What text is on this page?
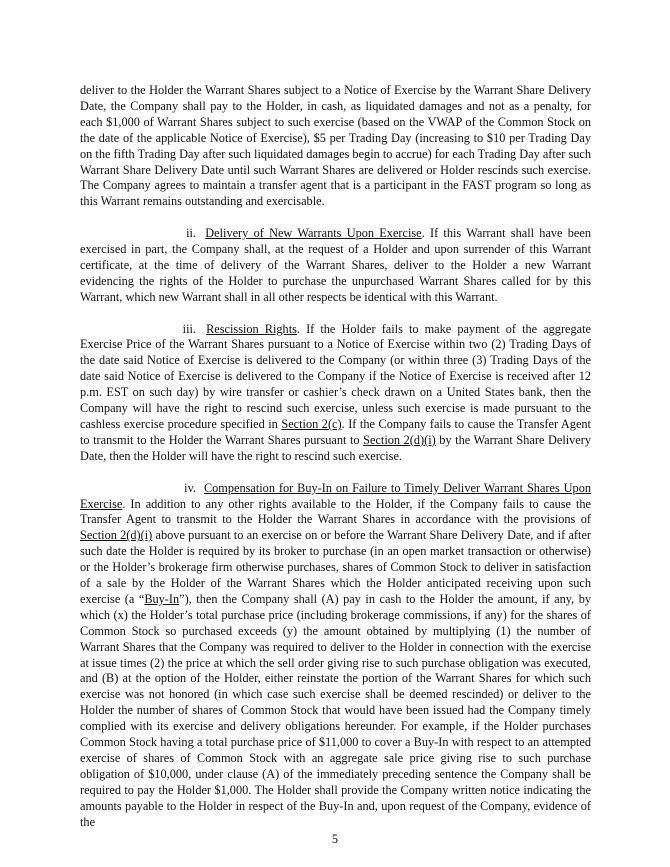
deliver to the Holder the Warrant Shares subject to a Notice of Exercise by the Warrant Share Delivery Date, the Company shall pay to the Holder, in cash, as liquidated damages and not as a penalty, for each $1,000 of Warrant Shares subject to such exercise (based on the VWAP of the Common Stock on the date of the applicable Notice of Exercise), $5 per Trading Day (increasing to $10 per Trading Day on the fifth Trading Day after such liquidated damages begin to accrue) for each Trading Day after such Warrant Share Delivery Date until such Warrant Shares are delivered or Holder rescinds such exercise. The Company agrees to maintain a transfer agent that is a participant in the FAST program so long as this Warrant remains outstanding and exercisable.

ii. Delivery of New Warrants Upon Exercise. If this Warrant shall have been exercised in part, the Company shall, at the request of a Holder and upon surrender of this Warrant certificate, at the time of delivery of the Warrant Shares, deliver to the Holder a new Warrant evidencing the rights of the Holder to purchase the unpurchased Warrant Shares called for by this Warrant, which new Warrant shall in all other respects be identical with this Warrant.

iii. Rescission Rights. If the Holder fails to make payment of the aggregate Exercise Price of the Warrant Shares pursuant to a Notice of Exercise within two (2) Trading Days of the date said Notice of Exercise is delivered to the Company (or within three (3) Trading Days of the date said Notice of Exercise is delivered to the Company if the Notice of Exercise is received after 12 p.m. EST on such day) by wire transfer or cashier’s check drawn on a United States bank, then the Company will have the right to rescind such exercise, unless such exercise is made pursuant to the cashless exercise procedure specified in Section 2(c). If the Company fails to cause the Transfer Agent to transmit to the Holder the Warrant Shares pursuant to Section 2(d)(i) by the Warrant Share Delivery Date, then the Holder will have the right to rescind such exercise.

iv. Compensation for Buy-In on Failure to Timely Deliver Warrant Shares Upon Exercise. In addition to any other rights available to the Holder, if the Company fails to cause the Transfer Agent to transmit to the Holder the Warrant Shares in accordance with the provisions of Section 2(d)(i) above pursuant to an exercise on or before the Warrant Share Delivery Date, and if after such date the Holder is required by its broker to purchase (in an open market transaction or otherwise) or the Holder’s brokerage firm otherwise purchases, shares of Common Stock to deliver in satisfaction of a sale by the Holder of the Warrant Shares which the Holder anticipated receiving upon such exercise (a “Buy-In”), then the Company shall (A) pay in cash to the Holder the amount, if any, by which (x) the Holder’s total purchase price (including brokerage commissions, if any) for the shares of Common Stock so purchased exceeds (y) the amount obtained by multiplying (1) the number of Warrant Shares that the Company was required to deliver to the Holder in connection with the exercise at issue times (2) the price at which the sell order giving rise to such purchase obligation was executed, and (B) at the option of the Holder, either reinstate the portion of the Warrant Shares for which such exercise was not honored (in which case such exercise shall be deemed rescinded) or deliver to the Holder the number of shares of Common Stock that would have been issued had the Company timely complied with its exercise and delivery obligations hereunder. For example, if the Holder purchases Common Stock having a total purchase price of $11,000 to cover a Buy-In with respect to an attempted exercise of shares of Common Stock with an aggregate sale price giving rise to such purchase obligation of $10,000, under clause (A) of the immediately preceding sentence the Company shall be required to pay the Holder $1,000. The Holder shall provide the Company written notice indicating the amounts payable to the Holder in respect of the Buy-In and, upon request of the Company, evidence of the

5
